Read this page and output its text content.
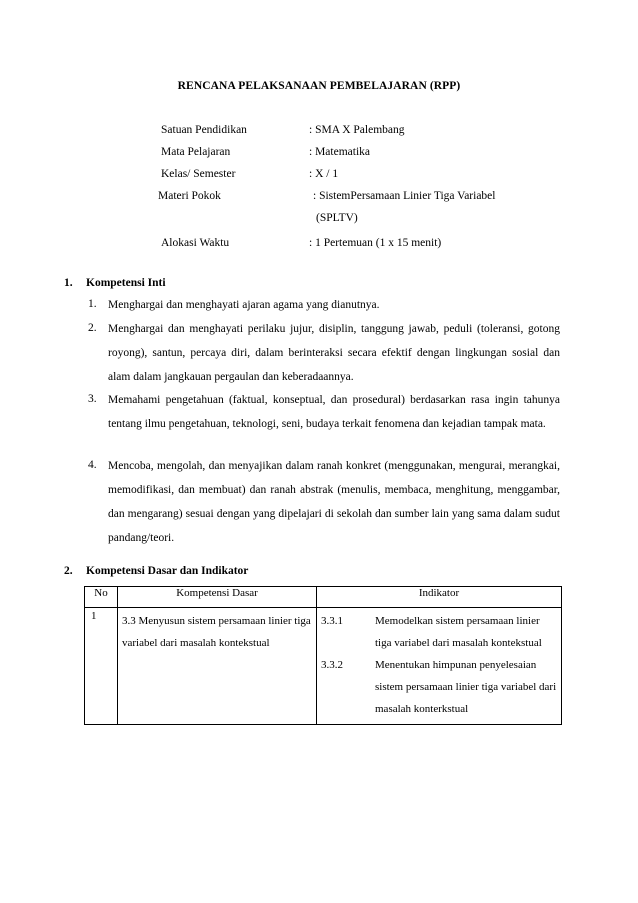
RENCANA PELAKSANAAN PEMBELAJARAN (RPP)
Satuan Pendidikan	: SMA X Palembang
Mata Pelajaran	: Matematika
Kelas/ Semester	: X / 1
Materi Pokok	: SistemPersamaan Linier Tiga Variabel
(SPLTV)
Alokasi Waktu	: 1 Pertemuan (1 x 15 menit)
1. Kompetensi Inti
1. Menghargai dan menghayati ajaran agama yang dianutnya.
2. Menghargai dan menghayati perilaku jujur, disiplin, tanggung jawab, peduli (toleransi, gotong royong), santun, percaya diri, dalam berinteraksi secara efektif dengan lingkungan sosial dan alam dalam jangkauan pergaulan dan keberadaannya.
3. Memahami pengetahuan (faktual, konseptual, dan prosedural) berdasarkan rasa ingin tahunya tentang ilmu pengetahuan, teknologi, seni, budaya terkait fenomena dan kejadian tampak mata.
4. Mencoba, mengolah, dan menyajikan dalam ranah konkret (menggunakan, mengurai, merangkai, memodifikasi, dan membuat) dan ranah abstrak (menulis, membaca, menghitung, menggambar, dan mengarang) sesuai dengan yang dipelajari di sekolah dan sumber lain yang sama dalam sudut pandang/teori.
2. Kompetensi Dasar dan Indikator
No	Kompetensi Dasar	Indikator
1	3.3 Menyusun sistem persamaan linier tiga variabel dari masalah kontekstual	3.3.1 Memodelkan sistem persamaan linier tiga variabel dari masalah kontekstual
3.3.2 Menentukan himpunan penyelesaian sistem persamaan linier tiga variabel dari masalah konterkstual
